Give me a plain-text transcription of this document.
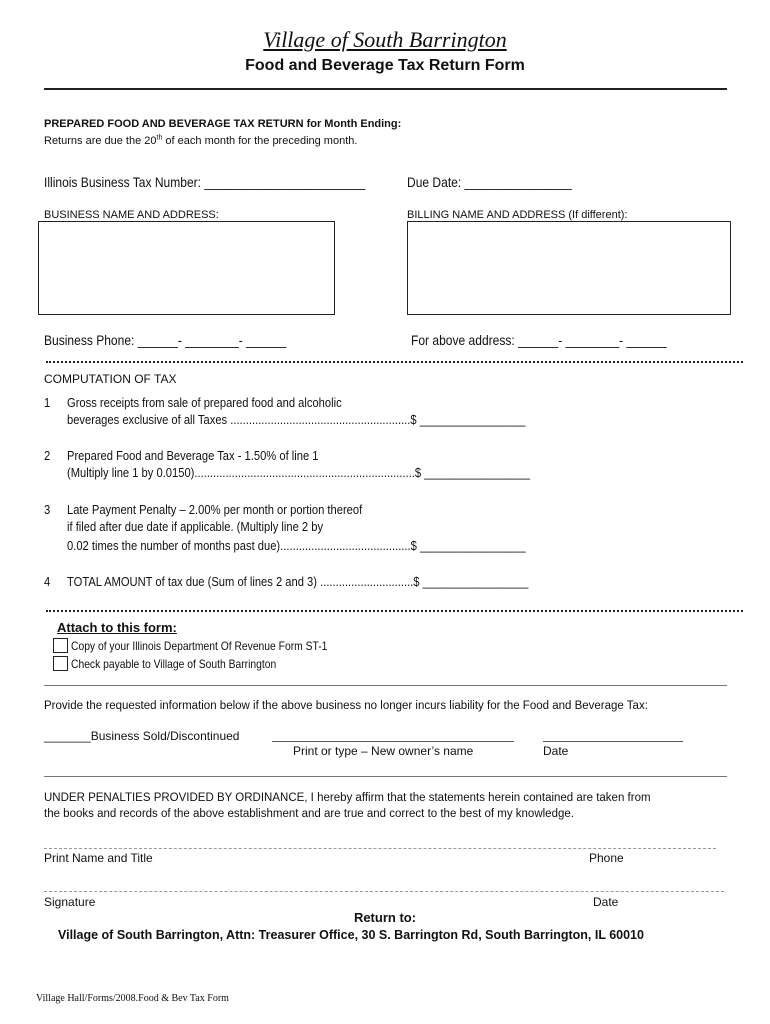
Village of South Barrington
Food and Beverage Tax Return Form
PREPARED FOOD AND BEVERAGE TAX RETURN for Month Ending:
Returns are due the 20th of each month for the preceding month.
Illinois Business Tax Number: ________________________	Due Date: ________________
BUSINESS NAME AND ADDRESS:	BILLING NAME AND ADDRESS (If different):
Business Phone: ______- ________- ______	For above address: ______- ________- ______
COMPUTATION OF TAX
1 Gross receipts from sale of prepared food and alcoholic
beverages exclusive of all Taxes ..........................................................$ _________________
2 Prepared Food and Beverage Tax - 1.50% of line 1
(Multiply line 1 by 0.0150).......................................................................$ _________________
3 Late Payment Penalty – 2.00% per month or portion thereof
if filed after due date if applicable. (Multiply line 2 by
0.02 times the number of months past due)..........................................$ _________________
4 TOTAL AMOUNT of tax due (Sum of lines 2 and 3) ..............................$ _________________
Attach to this form:
Copy of your Illinois Department Of Revenue Form ST-1
Check payable to Village of South Barrington
Provide the requested information below if the above business no longer incurs liability for the Food and Beverage Tax:
_______Business Sold/Discontinued
Print or type – New owner’s name	Date
UNDER PENALTIES PROVIDED BY ORDINANCE, I hereby affirm that the statements herein contained are taken from
the books and records of the above establishment and are true and correct to the best of my knowledge.
Print Name and Title	Phone
Signature	Date
Return to:
Village of South Barrington, Attn: Treasurer Office, 30 S. Barrington Rd, South Barrington, IL 60010
Village Hall/Forms/2008.Food & Bev Tax Form
